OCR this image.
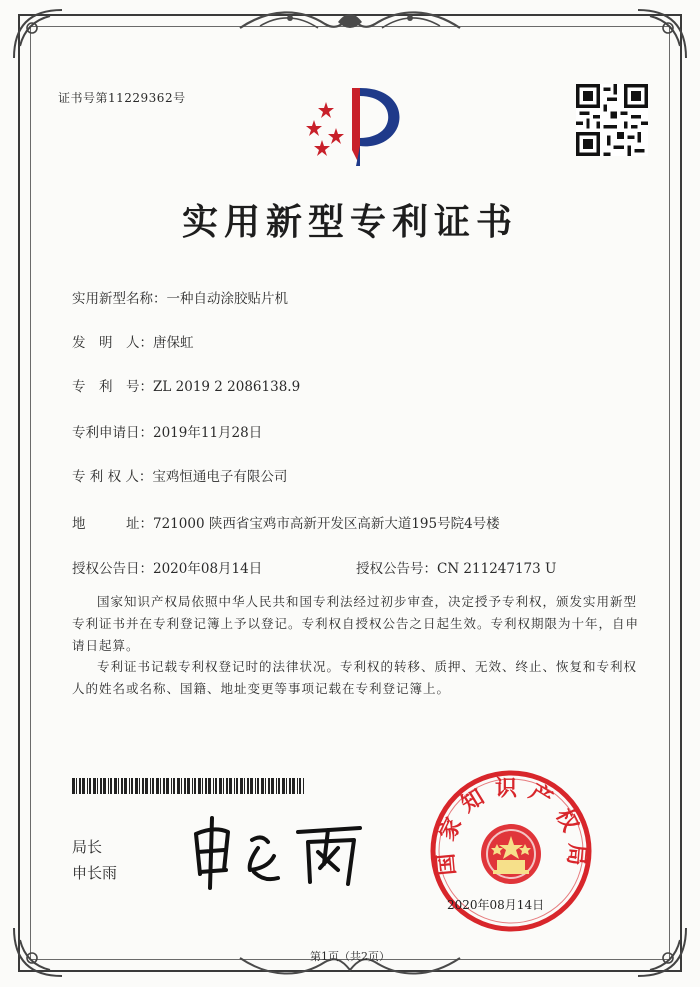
证书号第11229362号
实用新型专利证书
实用新型名称：一种自动涂胶贴片机
发　明　人：唐保虹
专　利　号：ZL 2019 2 2086138.9
专利申请日：2019年11月28日
专 利 权 人：宝鸡恒通电子有限公司
地　　　址：721000 陕西省宝鸡市高新开发区高新大道195号院4号楼
授权公告日：2020年08月14日	授权公告号：CN 211247173 U
国家知识产权局依照中华人民共和国专利法经过初步审查，决定授予专利权，颁发实用新型专利证书并在专利登记簿上予以登记。专利权自授权公告之日起生效。专利权期限为十年，自申请日起算。
专利证书记载专利权登记时的法律状况。专利权的转移、质押、无效、终止、恢复和专利权人的姓名或名称、国籍、地址变更等事项记载在专利登记簿上。
局长
申长雨	国家知识产权局
2020年08月14日
第1页（共2页）
